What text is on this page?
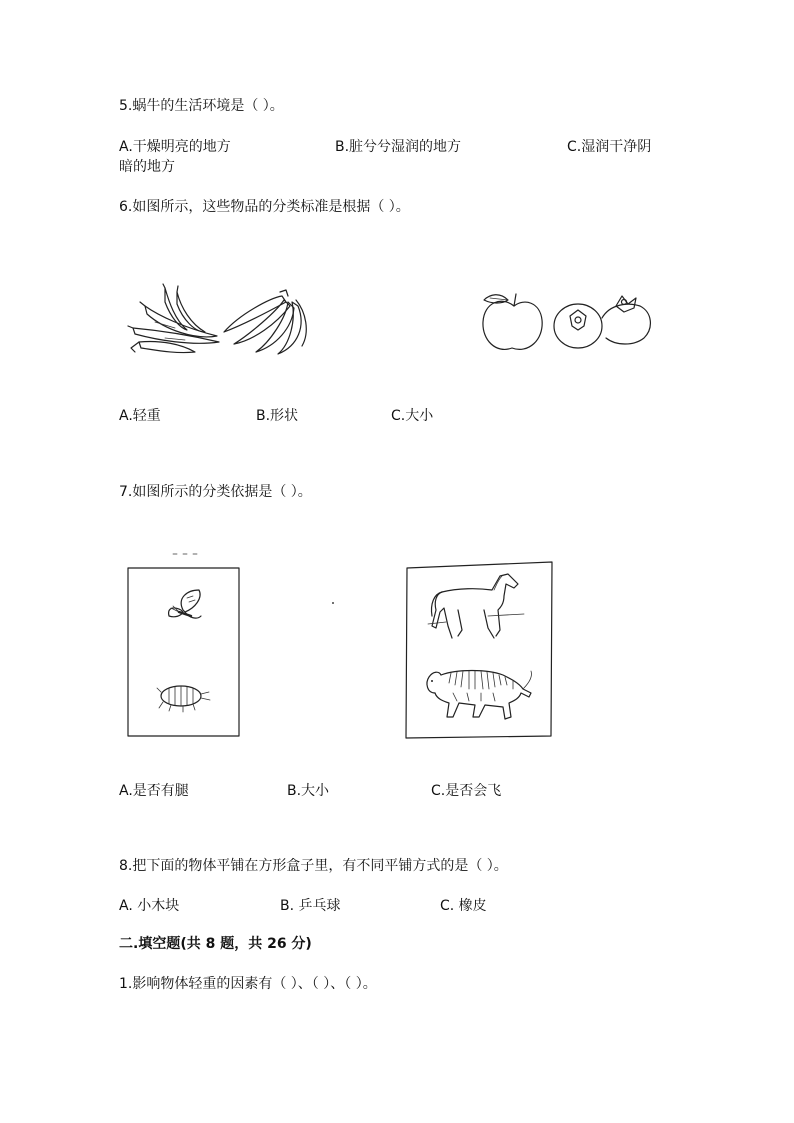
5.蜗牛的生活环境是（ ）。
A.干燥明亮的地方	B.脏兮兮湿润的地方	C.湿润干净阴
暗的地方
6.如图所示，这些物品的分类标准是根据（ ）。
A.轻重	B.形状	C.大小
7.如图所示的分类依据是（ ）。
A.是否有腿	B.大小	C.是否会飞
8.把下面的物体平铺在方形盒子里，有不同平铺方式的是（ ）。
A. 小木块	B. 乒乓球	C. 橡皮
二.填空题(共 8 题，共 26 分)
1.影响物体轻重的因素有（ ）、（ ）、（ ）。
